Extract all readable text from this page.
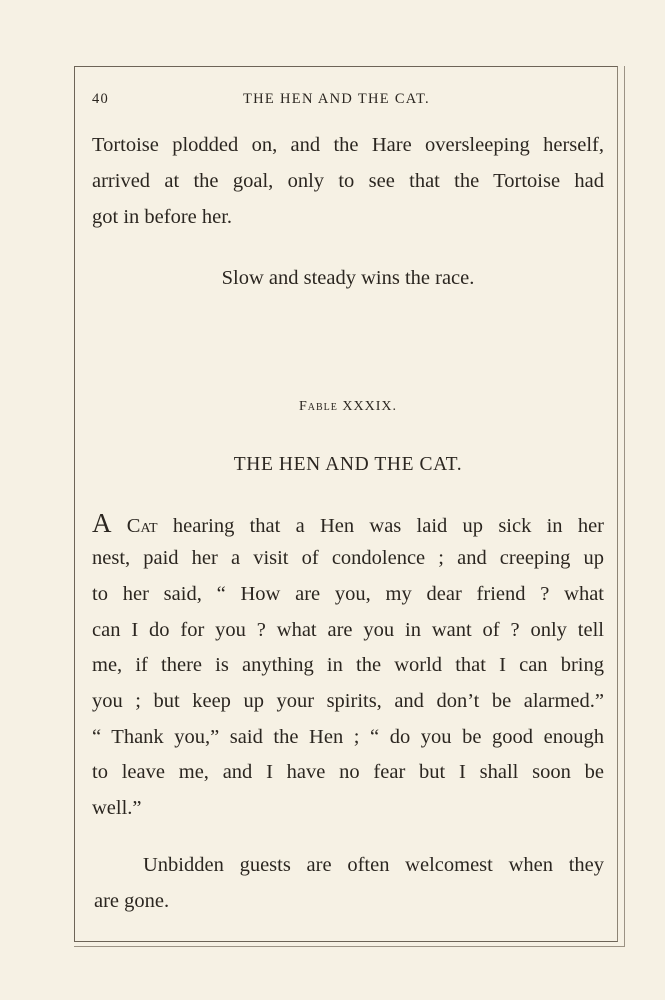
40	THE HEN AND THE CAT.
Tortoise plodded on, and the Hare oversleeping herself,
arrived at the goal, only to see that the Tortoise had
got in before her.
Slow and steady wins the race.
Fable XXXIX.
THE HEN AND THE CAT.
A Cat hearing that a Hen was laid up sick in her
nest, paid her a visit of condolence ; and creeping up
to her said, “ How are you, my dear friend ? what
can I do for you ? what are you in want of ? only tell
me, if there is anything in the world that I can bring
you ; but keep up your spirits, and don’t be alarmed.”
“ Thank you,” said the Hen ; “ do you be good enough
to leave me, and I have no fear but I shall soon be
well.”
Unbidden guests are often welcomest when they
are gone.
